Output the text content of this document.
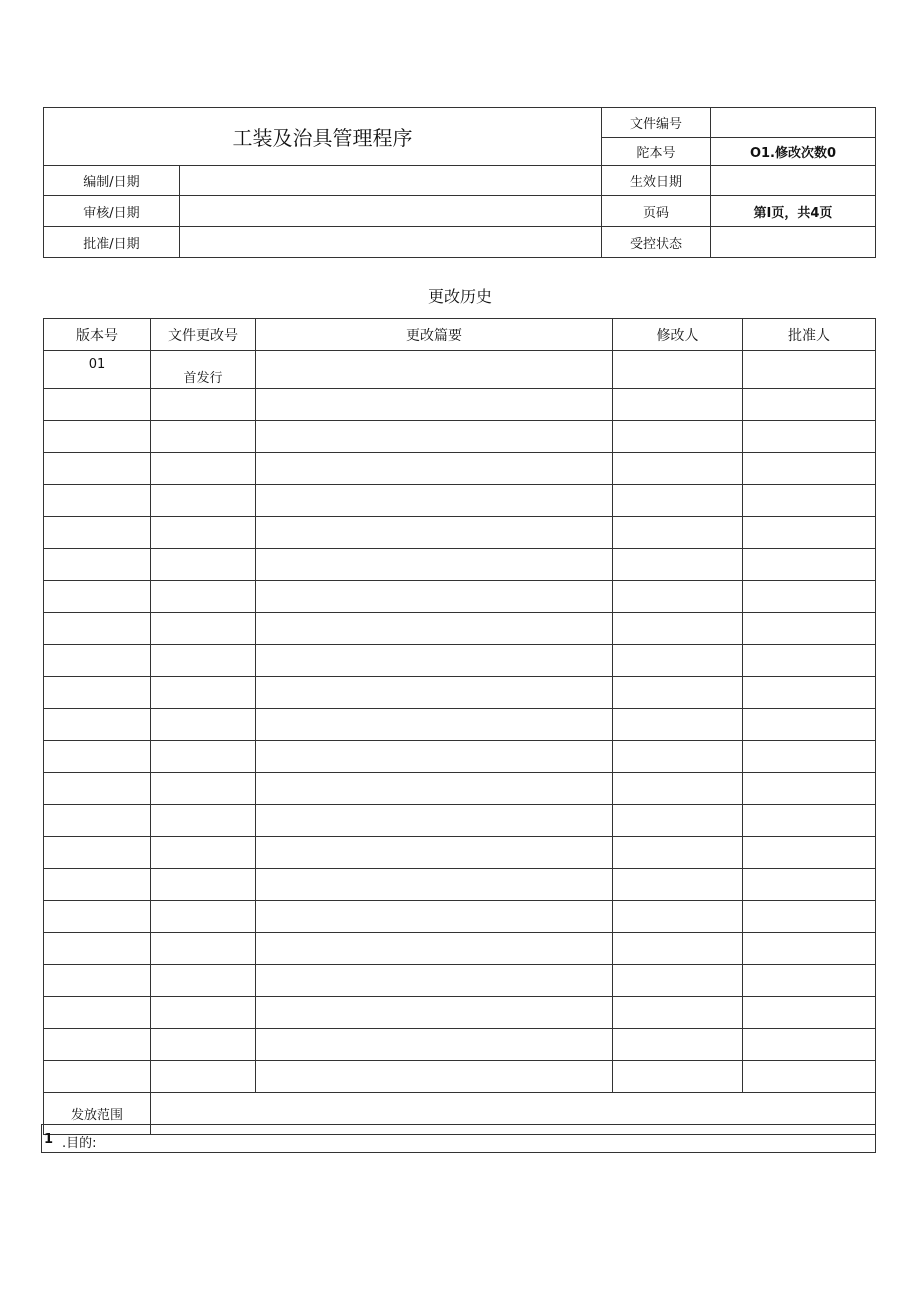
工装及治具管理程序		文件编号	
		陀本号	O1.修改次数0
编制/日期		生效日期	
审核/日期		页码	第I页，共4页
批准/日期		受控状态	
更改历史
版本号	文件更改号	更改篇要	修改人	批准人
01	首发行			

发放范围				
1 .目的:
